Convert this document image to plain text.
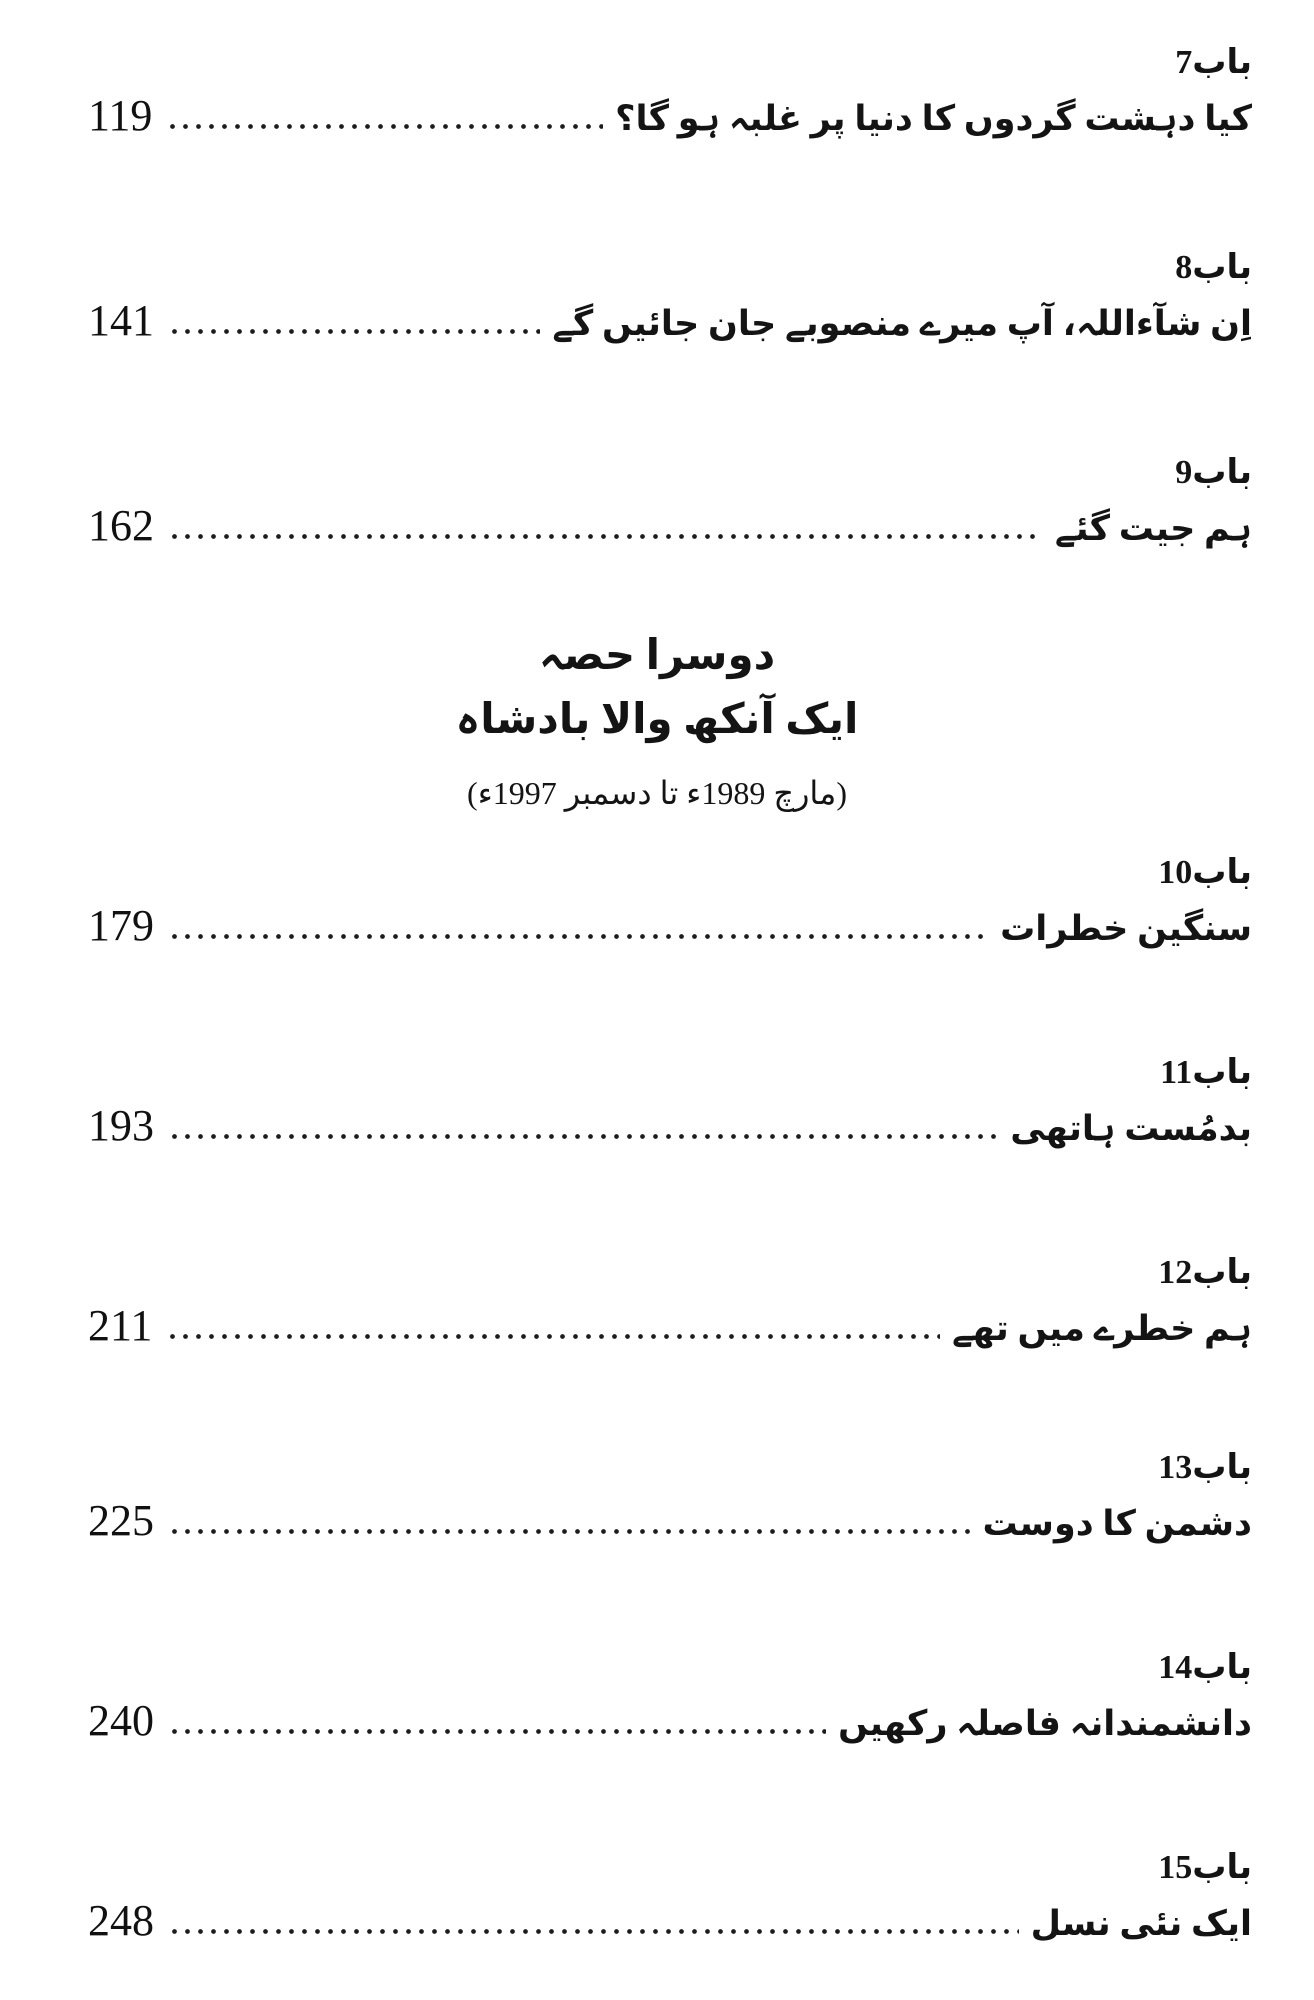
باب7
کیا دہشت گردوں کا دنیا پر غلبہ ہو گا؟
119
باب8
اِن شآءاللہ، آپ میرے منصوبے جان جائیں گے
141
باب9
ہم جیت گئے
162
دوسرا حصہ
ایک آنکھ والا بادشاہ
(مارچ 1989ء تا دسمبر 1997ء)
باب10
سنگین خطرات
179
باب11
بدمُست ہاتھی
193
باب12
ہم خطرے میں تھے
211
باب13
دشمن کا دوست
225
باب14
دانشمندانہ فاصلہ رکھیں
240
باب15
ایک نئی نسل
248
